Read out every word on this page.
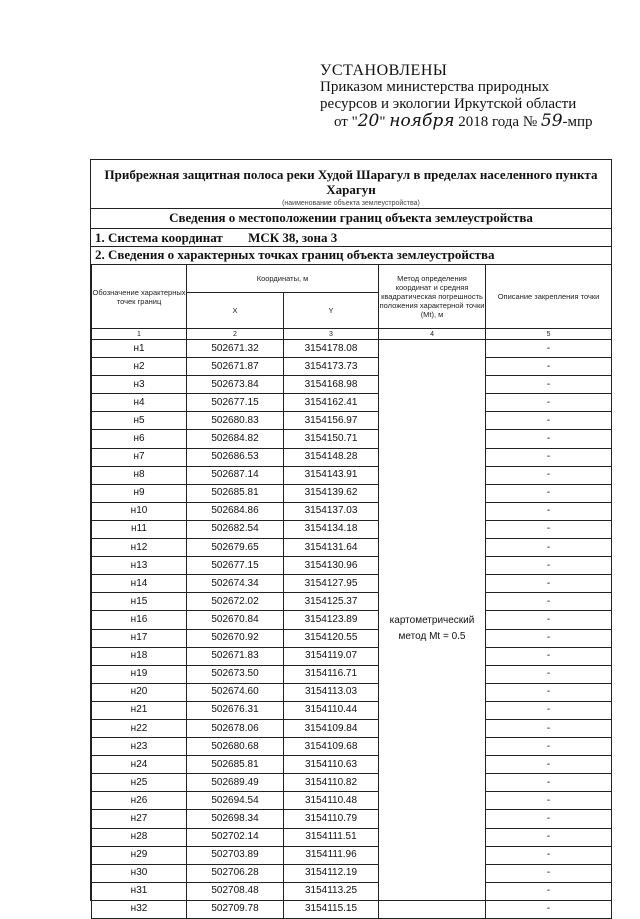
УСТАНОВЛЕНЫ
Приказом министерства природных
ресурсов и экологии Иркутской области
от "20" ноября 2018 года № 59-мпр
Прибрежная защитная полоса реки Худой Шарагул в пределах населенного пункта Харагун
(наименование объекта землеустройства)
Сведения о местоположении границ объекта землеустройства
1. Система координат МСК 38, зона 3
2. Сведения о характерных точках границ объекта землеустройства
Обозначение характерных точек границ	Координаты, м		Метод определения координат и средняя квадратическая погрешность положения характерной точки (Mt), м	Описание закрепления точки
	X	Y		
1	2	3	4	5
н1	502671.32	3154178.08	картометрический метод Mt = 0.5	-
н2	502671.87	3154173.73		-
н3	502673.84	3154168.98		-
н4	502677.15	3154162.41		-
н5	502680.83	3154156.97		-
н6	502684.82	3154150.71		-
н7	502686.53	3154148.28		-
н8	502687.14	3154143.91		-
н9	502685.81	3154139.62		-
н10	502684.86	3154137.03		-
н11	502682.54	3154134.18		-
н12	502679.65	3154131.64		-
н13	502677.15	3154130.96		-
н14	502674.34	3154127.95		-
н15	502672.02	3154125.37		-
н16	502670.84	3154123.89		-
н17	502670.92	3154120.55		-
н18	502671.83	3154119.07		-
н19	502673.50	3154116.71		-
н20	502674.60	3154113.03		-
н21	502676.31	3154110.44		-
н22	502678.06	3154109.84		-
н23	502680.68	3154109.68		-
н24	502685.81	3154110.63		-
н25	502689.49	3154110.82		-
н26	502694.54	3154110.48		-
н27	502698.34	3154110.79		-
н28	502702.14	3154111.51		-
н29	502703.89	3154111.96		-
н30	502706.28	3154112.19		-
н31	502708.48	3154113.25		-
н32	502709.78	3154115.15		-
